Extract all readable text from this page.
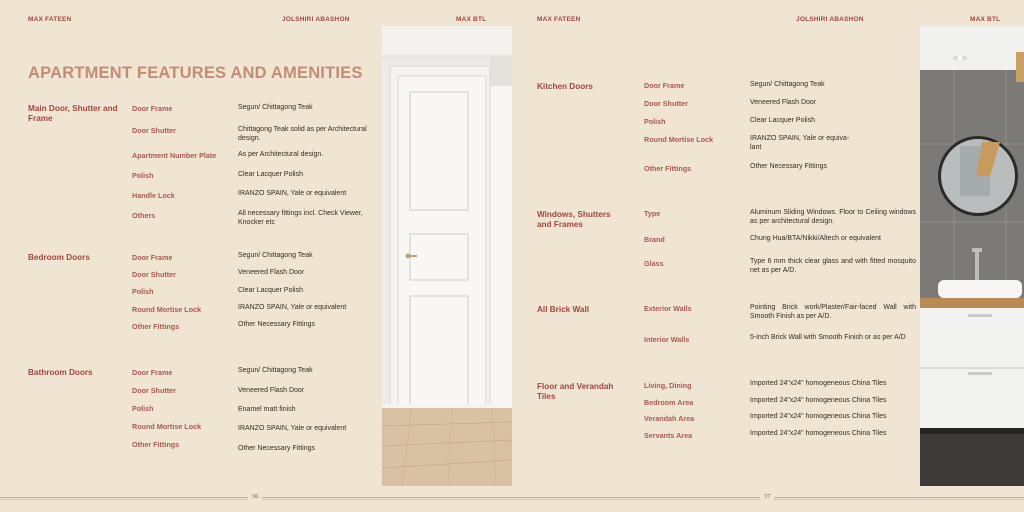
MAX FATEEN	JOLSHIRI ABASHON	MAX BTL
APARTMENT FEATURES AND AMENITIES
Main Door, Shutter and Frame
Door Frame	Segun/ Chittagong Teak
Door Shutter	Chittagong Teak solid as per Architectural design.
Apartment Number Plate	As per Architectural design.
Polish	Clear Lacquer Polish
Handle Lock	IRANZO SPAIN, Yale or equivalent
Others	All necessary fittings incl. Check Viewer, Knocker etc
Bedroom Doors	Door Frame	Segun/ Chittagong Teak
Door Shutter	Veneered Flash Door
Polish	Clear Lacquer Polish
Round Mortise Lock	IRANZO SPAIN, Yale or equivalent
Other Fittings	Other Necessary Fittings
Bathroom Doors	Door Frame	Segun/ Chittagong Teak
Door Shutter	Veneered Flash Door
Polish	Enamel matt finish
Round Mortise Lock	IRANZO SPAIN, Yale or equivalent
Other Fittings	Other Necessary Fittings
36
MAX FATEEN	JOLSHIRI ABASHON	MAX BTL
Kitchen Doors	Door Frame	Segun/ Chittagong Teak
Door Shutter	Veneered Flash Door
Polish	Clear Lacquer Polish
Round Mortise Lock	IRANZO SPAIN, Yale or equiva- lant
Other Fittings	Other Necessary Fittings
Windows, Shutters and Frames
Type	Aluminum Sliding Windows. Floor to Ceiling windows as per architectural design.
Brand	Chung Hua/BTA/Nikki/Altech or equivalent
Glass	Type 6 mm thick clear glass and with fitted mosquito net as per A/D.
All Brick Wall	Exterior Walls	Pointing Brick work/Plaster/Fair-faced Wall with Smooth Finish as per A/D.
Interior Walls	5-inch Brick Wall with Smooth Finish or as per A/D
Floor and Verandah Tiles
Living, Dining	Imported 24"x24" homogeneous China Tiles
Bedroom Area	Imported 24"x24" homogeneous China Tiles
Verandah Area	Imported 24"x24" homogeneous China Tiles
Servants Area	Imported 24"x24" homogeneous China Tiles
37
